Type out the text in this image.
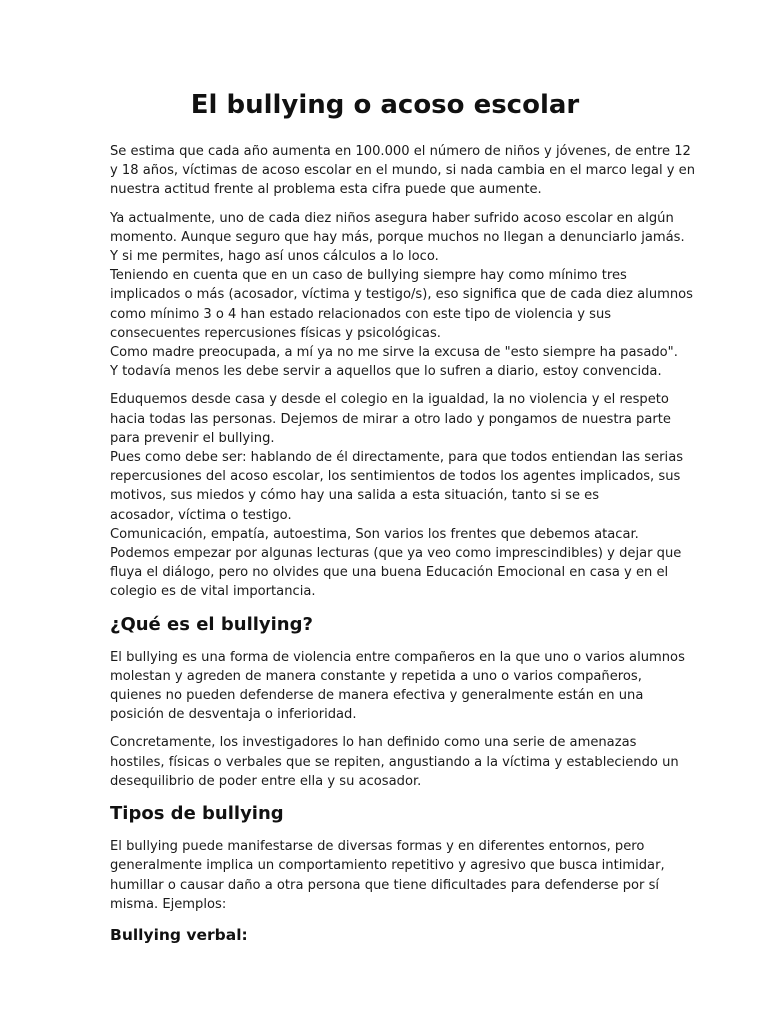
El bullying o acoso escolar

Se estima que cada año aumenta en 100.000 el número de niños y jóvenes, de entre 12
y 18 años, víctimas de acoso escolar en el mundo, si nada cambia en el marco legal y en
nuestra actitud frente al problema esta cifra puede que aumente.

Ya actualmente, uno de cada diez niños asegura haber sufrido acoso escolar en algún
momento. Aunque seguro que hay más, porque muchos no llegan a denunciarlo jamás.
Y si me permites, hago así unos cálculos a lo loco.
Teniendo en cuenta que en un caso de bullying siempre hay como mínimo tres
implicados o más (acosador, víctima y testigo/s), eso significa que de cada diez alumnos
como mínimo 3 o 4 han estado relacionados con este tipo de violencia y sus
consecuentes repercusiones físicas y psicológicas.
Como madre preocupada, a mí ya no me sirve la excusa de "esto siempre ha pasado".
Y todavía menos les debe servir a aquellos que lo sufren a diario, estoy convencida.

Eduquemos desde casa y desde el colegio en la igualdad, la no violencia y el respeto
hacia todas las personas. Dejemos de mirar a otro lado y pongamos de nuestra parte
para prevenir el bullying.
Pues como debe ser: hablando de él directamente, para que todos entiendan las serias
repercusiones del acoso escolar, los sentimientos de todos los agentes implicados, sus
motivos, sus miedos y cómo hay una salida a esta situación, tanto si se es
acosador, víctima o testigo.
Comunicación, empatía, autoestima, Son varios los frentes que debemos atacar.
Podemos empezar por algunas lecturas (que ya veo como imprescindibles) y dejar que
fluya el diálogo, pero no olvides que una buena Educación Emocional en casa y en el
colegio es de vital importancia.

¿Qué es el bullying?

El bullying es una forma de violencia entre compañeros en la que uno o varios alumnos
molestan y agreden de manera constante y repetida a uno o varios compañeros,
quienes no pueden defenderse de manera efectiva y generalmente están en una
posición de desventaja o inferioridad.

Concretamente, los investigadores lo han definido como una serie de amenazas
hostiles, físicas o verbales que se repiten, angustiando a la víctima y estableciendo un
desequilibrio de poder entre ella y su acosador.

Tipos de bullying

El bullying puede manifestarse de diversas formas y en diferentes entornos, pero
generalmente implica un comportamiento repetitivo y agresivo que busca intimidar,
humillar o causar daño a otra persona que tiene dificultades para defenderse por sí
misma. Ejemplos:

Bullying verbal:
